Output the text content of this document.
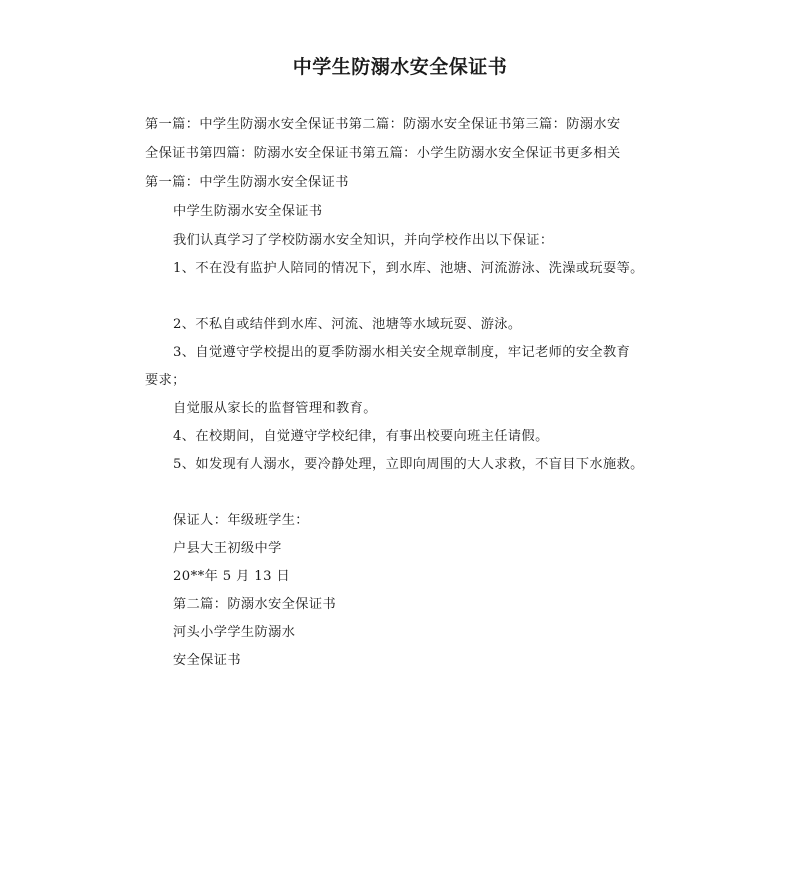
中学生防溺水安全保证书
第一篇：中学生防溺水安全保证书第二篇：防溺水安全保证书第三篇：防溺水安
全保证书第四篇：防溺水安全保证书第五篇：小学生防溺水安全保证书更多相关
第一篇：中学生防溺水安全保证书
中学生防溺水安全保证书
我们认真学习了学校防溺水安全知识，并向学校作出以下保证：
1、不在没有监护人陪同的情况下，到水库、池塘、河流游泳、洗澡或玩耍等。
2、不私自或结伴到水库、河流、池塘等水域玩耍、游泳。
3、自觉遵守学校提出的夏季防溺水相关安全规章制度，牢记老师的安全教育
要求；
自觉服从家长的监督管理和教育。
4、在校期间，自觉遵守学校纪律，有事出校要向班主任请假。
5、如发现有人溺水，要冷静处理，立即向周围的大人求救，不盲目下水施救。
保证人：年级班学生：
户县大王初级中学
20**年 5 月 13 日
第二篇：防溺水安全保证书
河头小学学生防溺水
安全保证书
